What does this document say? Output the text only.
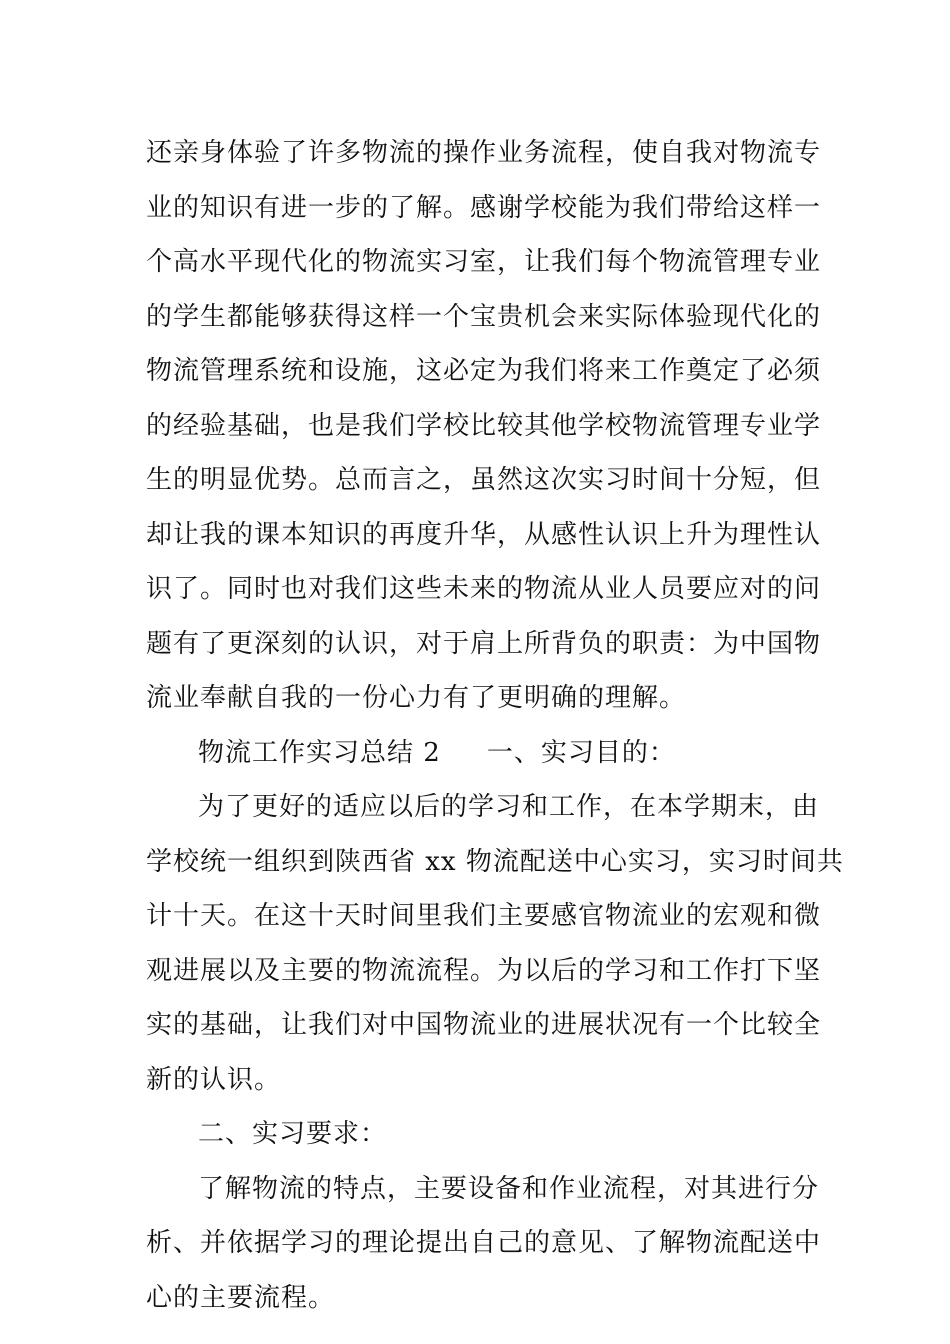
还亲身体验了许多物流的操作业务流程，使自我对物流专
业的知识有进一步的了解。感谢学校能为我们带给这样一
个高水平现代化的物流实习室，让我们每个物流管理专业
的学生都能够获得这样一个宝贵机会来实际体验现代化的
物流管理系统和设施，这必定为我们将来工作奠定了必须
的经验基础，也是我们学校比较其他学校物流管理专业学
生的明显优势。总而言之，虽然这次实习时间十分短，但
却让我的课本知识的再度升华，从感性认识上升为理性认
识了。同时也对我们这些未来的物流从业人员要应对的问
题有了更深刻的认识，对于肩上所背负的职责：为中国物
流业奉献自我的一份心力有了更明确的理解。
物流工作实习总结 2 一、实习目的：
为了更好的适应以后的学习和工作，在本学期末，由
学校统一组织到陕西省 xx 物流配送中心实习，实习时间共
计十天。在这十天时间里我们主要感官物流业的宏观和微
观进展以及主要的物流流程。为以后的学习和工作打下坚
实的基础，让我们对中国物流业的进展状况有一个比较全
新的认识。
二、实习要求：
了解物流的特点，主要设备和作业流程，对其进行分
析、并依据学习的理论提出自己的意见、了解物流配送中
心的主要流程。
